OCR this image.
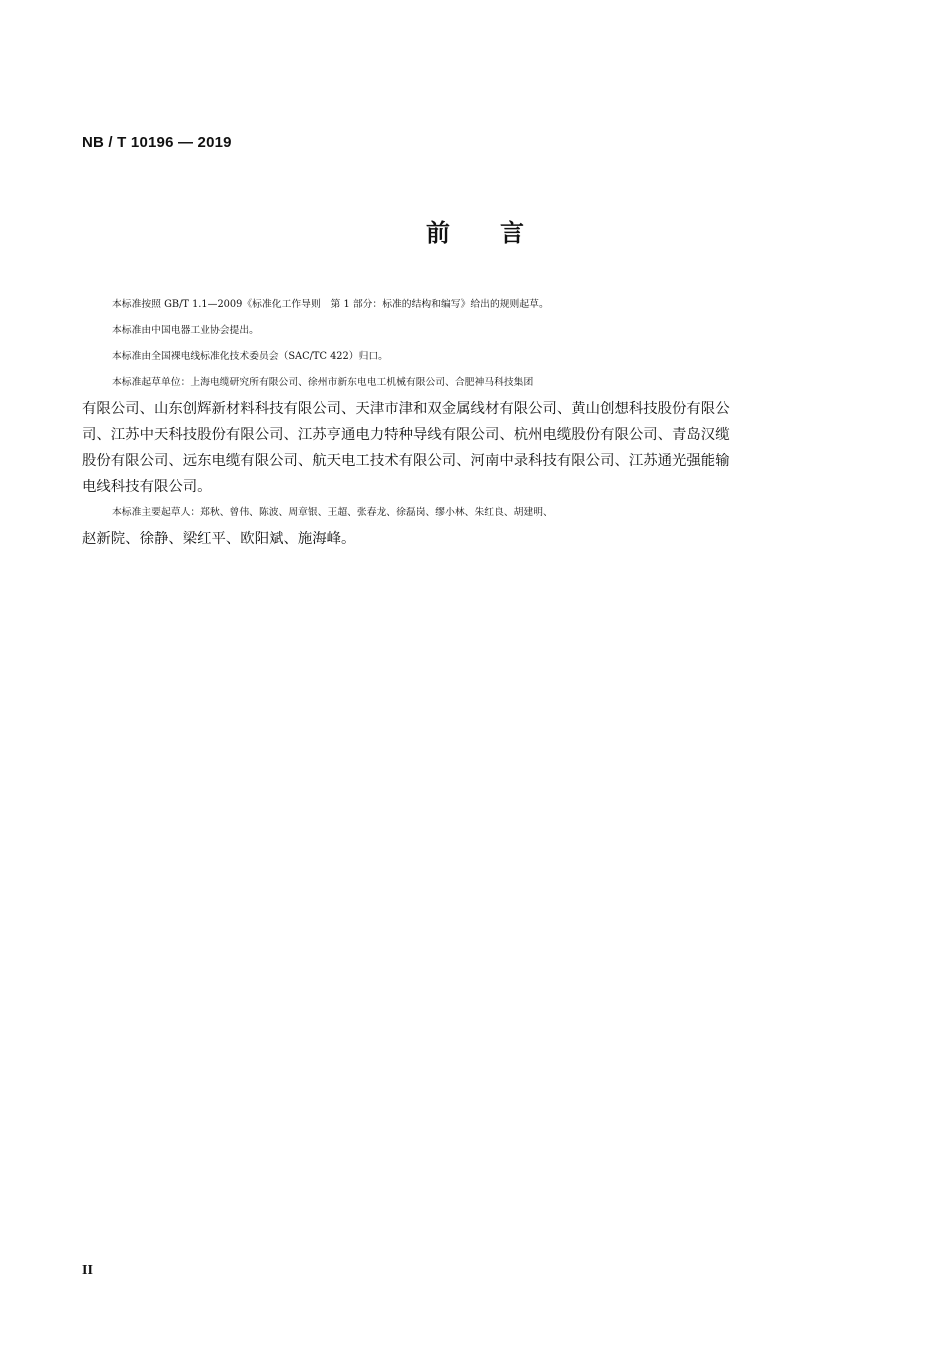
NB / T 10196 — 2019
前言

本标准按照 GB/T 1.1—2009《标准化工作导则　第 1 部分：标准的结构和编写》给出的规则起草。

本标准由中国电器工业协会提出。

本标准由全国裸电线标准化技术委员会（SAC/TC 422）归口。

本标准起草单位：上海电缆研究所有限公司、徐州市新东电电工机械有限公司、合肥神马科技集团
有限公司、山东创辉新材料科技有限公司、天津市津和双金属线材有限公司、黄山创想科技股份有限公
司、江苏中天科技股份有限公司、江苏亨通电力特种导线有限公司、杭州电缆股份有限公司、青岛汉缆
股份有限公司、远东电缆有限公司、航天电工技术有限公司、河南中录科技有限公司、江苏通光强能输
电线科技有限公司。

本标准主要起草人：郑秋、曾伟、陈波、周章银、王超、张春龙、徐磊岗、缪小林、朱红良、胡建明、
赵新院、徐静、梁红平、欧阳斌、施海峰。

II
